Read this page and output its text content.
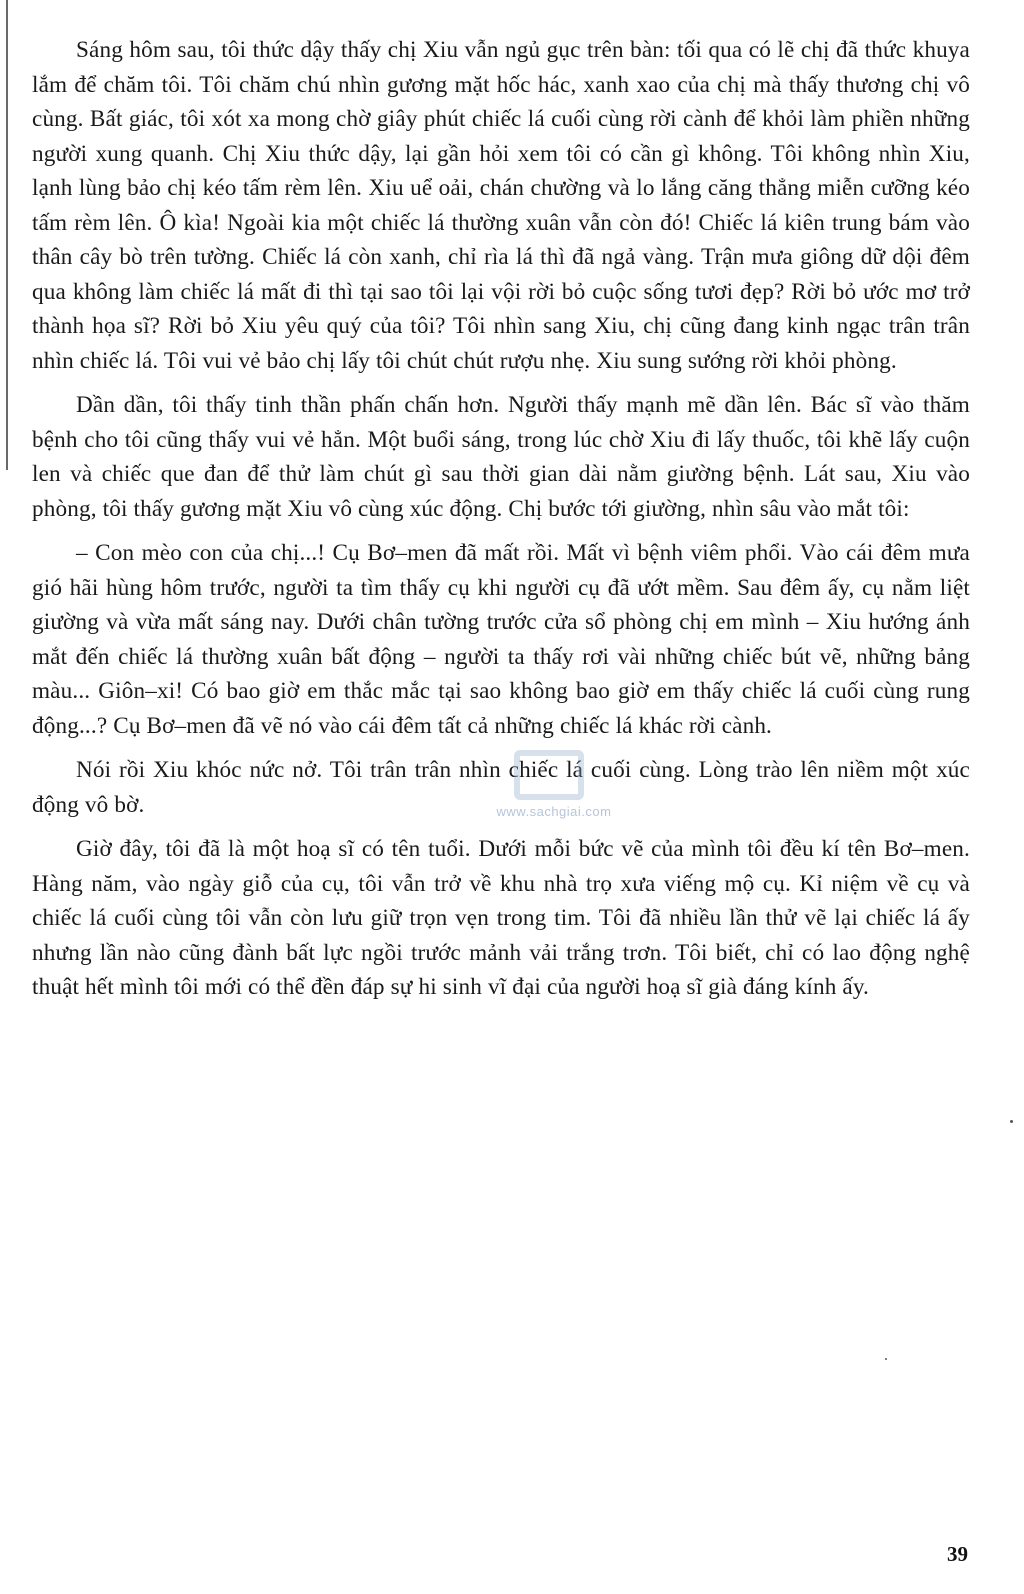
Sáng hôm sau, tôi thức dậy thấy chị Xiu vẫn ngủ gục trên bàn: tối qua có lẽ chị đã thức khuya lắm để chăm tôi. Tôi chăm chú nhìn gương mặt hốc hác, xanh xao của chị mà thấy thương chị vô cùng. Bất giác, tôi xót xa mong chờ giây phút chiếc lá cuối cùng rời cành để khỏi làm phiền những người xung quanh. Chị Xiu thức dậy, lại gần hỏi xem tôi có cần gì không. Tôi không nhìn Xiu, lạnh lùng bảo chị kéo tấm rèm lên. Xiu uể oải, chán chường và lo lắng căng thẳng miễn cưỡng kéo tấm rèm lên. Ô kìa! Ngoài kia một chiếc lá thường xuân vẫn còn đó! Chiếc lá kiên trung bám vào thân cây bò trên tường. Chiếc lá còn xanh, chỉ rìa lá thì đã ngả vàng. Trận mưa giông dữ dội đêm qua không làm chiếc lá mất đi thì tại sao tôi lại vội rời bỏ cuộc sống tươi đẹp? Rời bỏ ước mơ trở thành họa sĩ? Rời bỏ Xiu yêu quý của tôi? Tôi nhìn sang Xiu, chị cũng đang kinh ngạc trân trân nhìn chiếc lá. Tôi vui vẻ bảo chị lấy tôi chút chút rượu nhẹ. Xiu sung sướng rời khỏi phòng.

Dần dần, tôi thấy tinh thần phấn chấn hơn. Người thấy mạnh mẽ dần lên. Bác sĩ vào thăm bệnh cho tôi cũng thấy vui vẻ hẳn. Một buổi sáng, trong lúc chờ Xiu đi lấy thuốc, tôi khẽ lấy cuộn len và chiếc que đan để thử làm chút gì sau thời gian dài nằm giường bệnh. Lát sau, Xiu vào phòng, tôi thấy gương mặt Xiu vô cùng xúc động. Chị bước tới giường, nhìn sâu vào mắt tôi:

– Con mèo con của chị...! Cụ Bơ–men đã mất rồi. Mất vì bệnh viêm phổi. Vào cái đêm mưa gió hãi hùng hôm trước, người ta tìm thấy cụ khi người cụ đã ướt mềm. Sau đêm ấy, cụ nằm liệt giường và vừa mất sáng nay. Dưới chân tường trước cửa sổ phòng chị em mình – Xiu hướng ánh mắt đến chiếc lá thường xuân bất động – người ta thấy rơi vài những chiếc bút vẽ, những bảng màu... Giôn–xi! Có bao giờ em thắc mắc tại sao không bao giờ em thấy chiếc lá cuối cùng rung động...? Cụ Bơ–men đã vẽ nó vào cái đêm tất cả những chiếc lá khác rời cành.

Nói rồi Xiu khóc nức nở. Tôi trân trân nhìn chiếc lá cuối cùng. Lòng trào lên niềm một xúc động vô bờ.

Giờ đây, tôi đã là một hoạ sĩ có tên tuổi. Dưới mỗi bức vẽ của mình tôi đều kí tên Bơ–men. Hàng năm, vào ngày giỗ của cụ, tôi vẫn trở về khu nhà trọ xưa viếng mộ cụ. Kỉ niệm về cụ và chiếc lá cuối cùng tôi vẫn còn lưu giữ trọn vẹn trong tim. Tôi đã nhiều lần thử vẽ lại chiếc lá ấy nhưng lần nào cũng đành bất lực ngồi trước mảnh vải trắng trơn. Tôi biết, chỉ có lao động nghệ thuật hết mình tôi mới có thể đền đáp sự hi sinh vĩ đại của người hoạ sĩ già đáng kính ấy.

www.sachgiai.com
39
